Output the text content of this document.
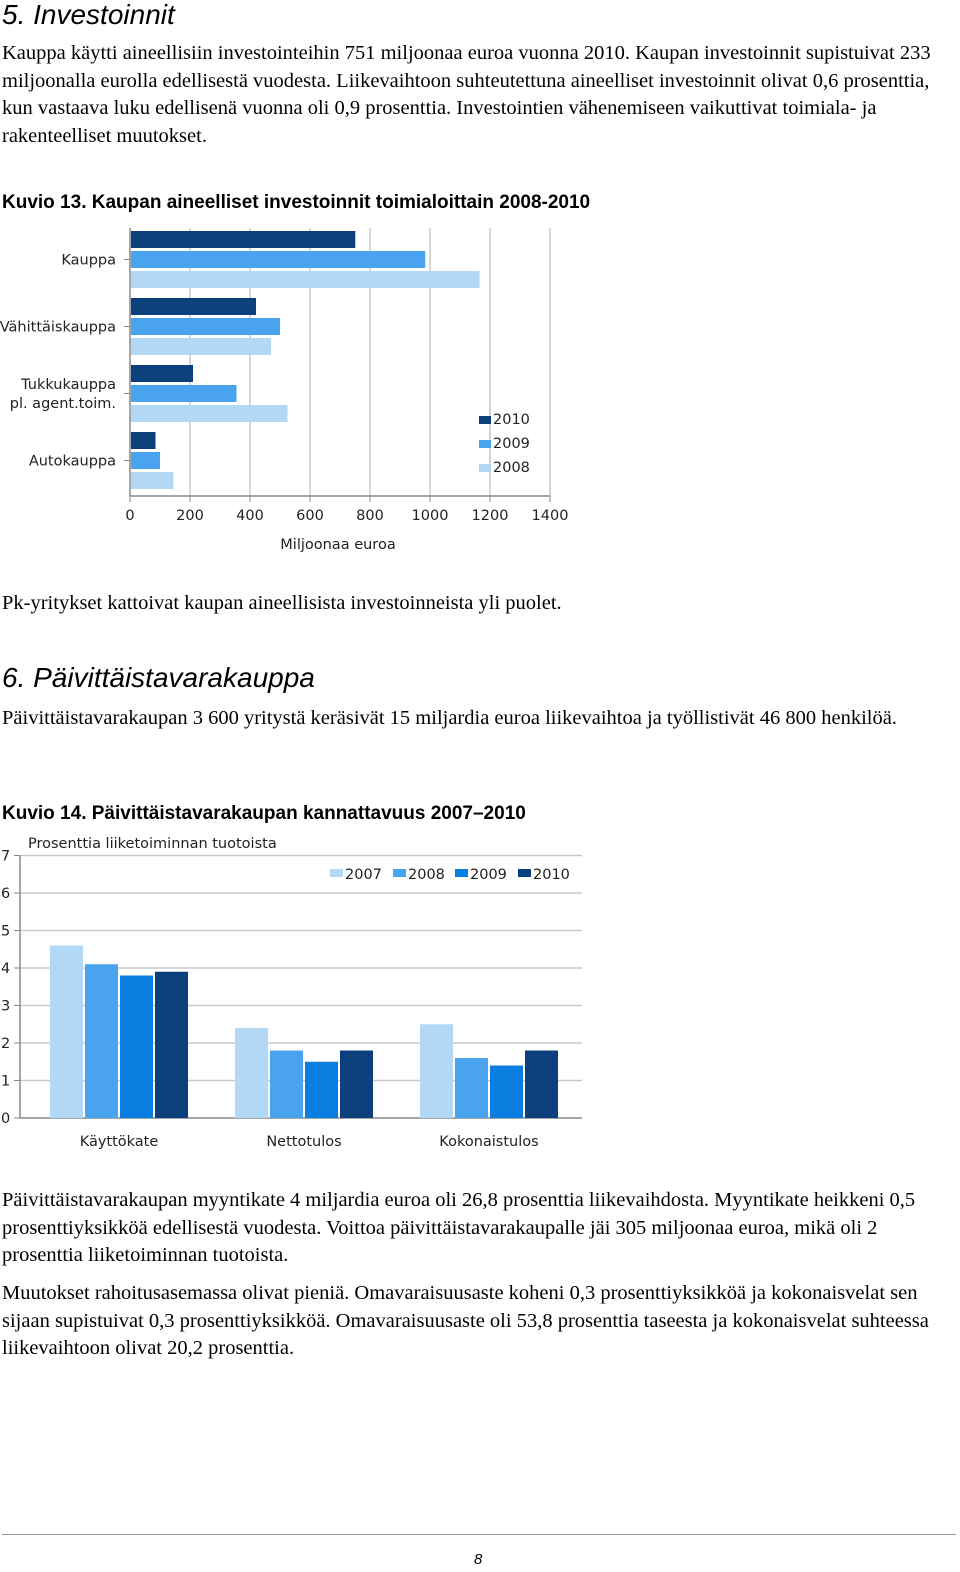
5. Investoinnit
Kauppa käytti aineellisiin investointeihin 751 miljoonaa euroa vuonna 2010. Kaupan investoinnit supistuivat 233 miljoonalla eurolla edellisestä vuodesta. Liikevaihtoon suhteutettuna aineelliset investoinnit olivat 0,6 prosenttia, kun vastaava luku edellisenä vuonna oli 0,9 prosenttia. Investointien vähenemiseen vaikuttivat toimiala- ja rakenteelliset muutokset.
Kuvio 13. Kaupan aineelliset investoinnit toimialoittain 2008-2010
0	200 400 600 800 1000 1200 1400
Kauppa
Vähittäiskauppa
Tukkukauppa
pl. agent.toim.
Autokauppa
2010
2009
2008
Miljoonaa euroa
Pk-yritykset kattoivat kaupan aineellisista investoinneista yli puolet.
6. Päivittäistavarakauppa
Päivittäistavarakaupan 3 600 yritystä keräsivät 15 miljardia euroa liikevaihtoa ja työllistivät 46 800 henkilöä.
Kuvio 14. Päivittäistavarakaupan kannattavuus 2007–2010
0
1
2
3
4
5
6
7
Käyttökate	Nettotulos	Kokonaistulos
2007 2008 2009 2010
Prosenttia liiketoiminnan tuotoista
Päivittäistavarakaupan myyntikate 4 miljardia euroa oli 26,8 prosenttia liikevaihdosta. Myyntikate heikkeni 0,5 prosenttiyksikköä edellisestä vuodesta. Voittoa päivittäistavarakaupalle jäi 305 miljoonaa euroa, mikä oli 2 prosenttia liiketoiminnan tuotoista.
Muutokset rahoitusasemassa olivat pieniä. Omavaraisuusaste koheni 0,3 prosenttiyksikköä ja kokonaisvelat sen sijaan supistuivat 0,3 prosenttiyksikköä. Omavaraisuusaste oli 53,8 prosenttia taseesta ja kokonaisvelat suhteessa liikevaihtoon olivat 20,2 prosenttia.
8
